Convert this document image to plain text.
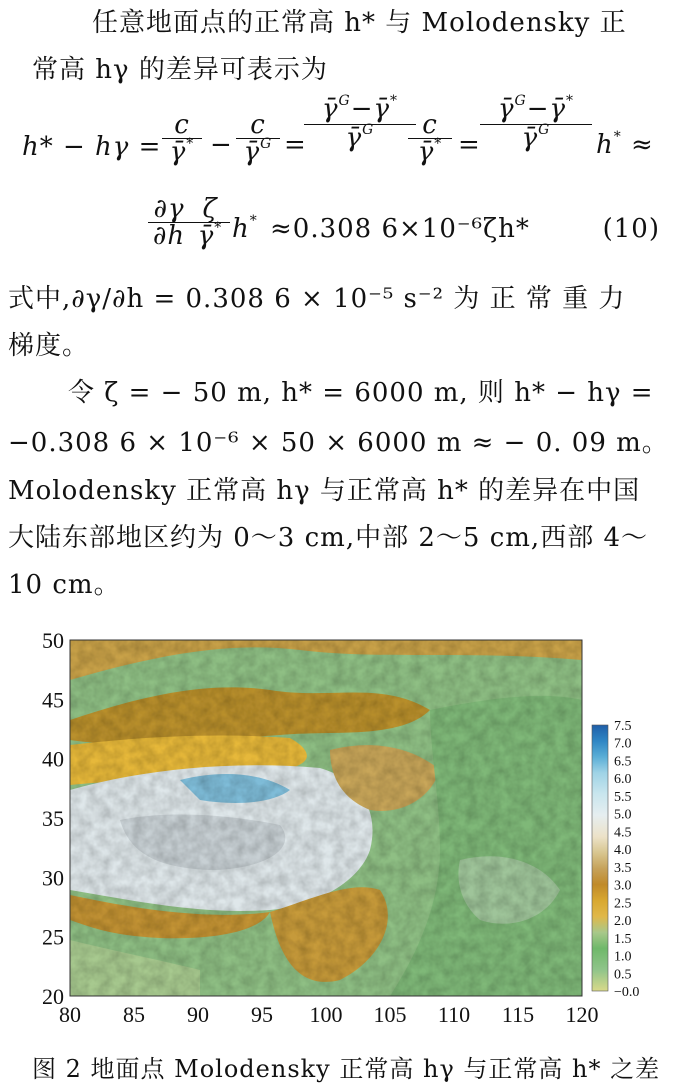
任意地面点的正常高 h* 与 Molodensky 正
常高 hγ 的差异可表示为
h* − hγ =
c
γ̄* −
c
γ̄$^G$ =
γ̄$^G$−γ̄*
γ̄$^G$	c
γ̄* =
γ̄$^G$−γ̄*
γ̄$^G$	h* ≈
∂γ
∂h
ζ
γ̄* h* ≈0.308 6×10⁻⁶ζh*	(10)
式中,∂γ/∂h = 0.308 6 × 10⁻⁵ s⁻² 为 正 常 重 力
梯度。
令 ζ = − 50 m, h* = 6000 m, 则 h* − hγ =
−0.308 6 × 10⁻⁶ × 50 × 6000 m ≈ − 0. 09 m。
Molodensky 正常高 hγ 与正常高 h* 的差异在中国
大陆东部地区约为 0～3 cm,中部 2～5 cm,西部 4～
10 cm。
80 85 90 95 100 105 110 115 120
50
45
40
35
30
25
20
7.5
7.0
6.5
6.0
5.5
5.0
4.5
4.0
3.5
3.0
2.5
2.0
1.5
1.0
0.5
−0.0
图 2 地面点 Molodensky 正常高 hγ 与正常高 h* 之差
